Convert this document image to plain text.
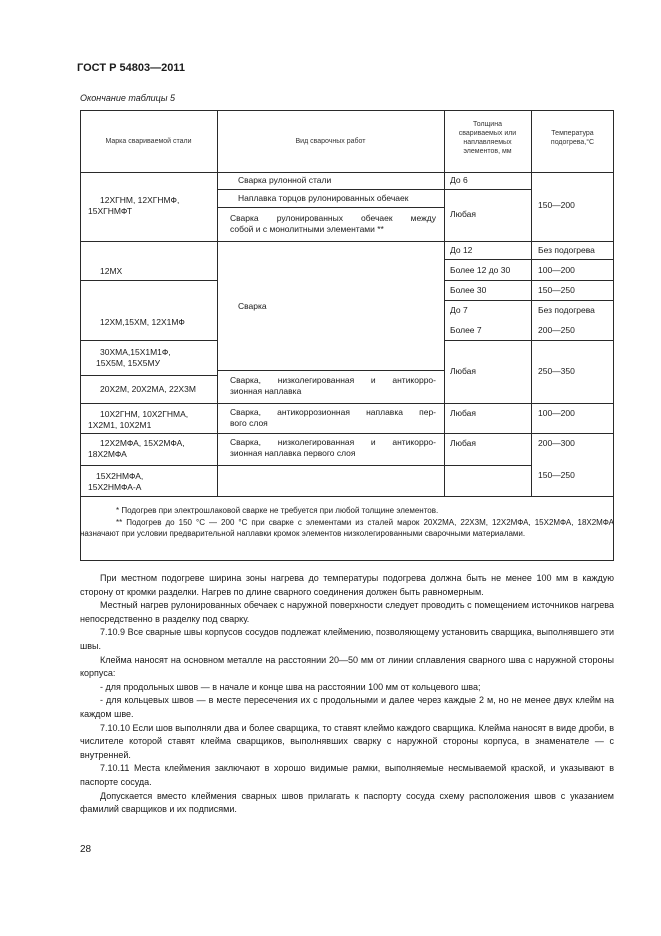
ГОСТ Р 54803—2011
Окончание таблицы 5
Марка свариваемой стали	Вид сварочных работ
Толщина
свариваемых или
наплавляемых
элементов, мм
Температура
подогрева,°С
12ХГНМ, 12ХГНМФ,
15ХГНМФТ
12МХ
12ХМ,15ХМ, 12Х1МФ
30ХМА,15Х1М1Ф,
15Х5М, 15Х5МУ
20Х2М, 20Х2МА, 22Х3М
10Х2ГНМ, 10Х2ГНМА,
1Х2М1, 10Х2М1
12Х2МФА, 15Х2МФА,
18Х2МФА
15Х2НМФА,
15Х2НМФА-А
Сварка рулонной стали
Наплавка торцов рулонированных обечаек
Сварка рулонированных обечаек между
собой и с монолитными элементами **
Сварка
Сварка, низколегированная и антикорро-
зионная наплавка
Сварка, антикоррозионная наплавка пер-
вого слоя
Сварка, низколегированная и антикорро-
зионная наплавка первого слоя
До 6
Любая
До 12
Более 12 до 30
Более 30
До 7
Более 7
Любая
Любая
Любая
150—200
Без подогрева
100—200
150—250
Без подогрева
200—250
250—350
100—200
200—300
150—250

* Подогрев при электрошлаковой сварке не требуется при любой толщине элементов.

** Подогрев до 150 °С — 200 °С при сварке с элементами из сталей марок 20Х2МА, 22Х3М, 12Х2МФА, 15Х2МФА, 18Х2МФА назначают при условии предварительной наплавки кромок элементов низколегированными сварочными материалами.

При местном подогреве ширина зоны нагрева до температуры подогрева должна быть не менее 100 мм в каждую сторону от кромки разделки. Нагрев по длине сварного соединения должен быть равномерным.

Местный нагрев рулонированных обечаек с наружной поверхности следует проводить с помещением источников нагрева непосредственно в разделку под сварку.

7.10.9 Все сварные швы корпусов сосудов подлежат клеймению, позволяющему установить сварщика, выполнявшего эти швы.

Клейма наносят на основном металле на расстоянии 20—50 мм от линии сплавления сварного шва с наружной стороны корпуса:

- для продольных швов — в начале и конце шва на расстоянии 100 мм от кольцевого шва;

- для кольцевых швов — в месте пересечения их с продольными и далее через каждые 2 м, но не менее двух клейм на каждом шве.

7.10.10 Если шов выполняли два и более сварщика, то ставят клеймо каждого сварщика. Клейма наносят в виде дроби, в числителе которой ставят клейма сварщиков, выполнявших сварку с наружной стороны корпуса, в знаменателе — с внутренней.

7.10.11 Места клеймения заключают в хорошо видимые рамки, выполняемые несмываемой краской, и указывают в паспорте сосуда.

Допускается вместо клеймения сварных швов прилагать к паспорту сосуда схему расположения швов с указанием фамилий сварщиков и их подписями.

28
